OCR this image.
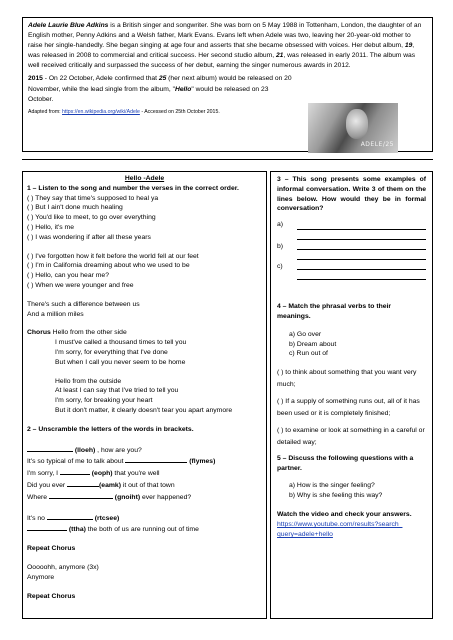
Adele Laurie Blue Adkins is a British singer and songwriter. She was born on 5 May 1988 in Tottenham, London, the daughter of an English mother, Penny Adkins and a Welsh father, Mark Evans. Evans left when Adele was two, leaving her 20-year-old mother to raise her single-handedly. She began singing at age four and asserts that she became obsessed with voices. Her debut album, 19, was released in 2008 to commercial and critical success. Her second studio album, 21, was released in early 2011. The album was well received critically and surpassed the success of her debut, earning the singer numerous awards in 2012.

2015 - On 22 October, Adele confirmed that 25 (her next album) would be released on 20 November, while the lead single from the album, "Hello" would be released on 23 October.

Adapted from: https://en.wikipedia.org/wiki/Adele - Accessed on 25th October 2015.

ADELE/25
Hello -Adele
1 – Listen to the song and number the verses in the correct order.
( ) They say that time's supposed to heal ya
( ) But I ain't done much healing
( ) You'd like to meet, to go over everything
( ) Hello, it's me
( ) I was wondering if after all these years
( ) I've forgotten how it felt before the world fell at our feet
( ) I'm in California dreaming about who we used to be
( ) Hello, can you hear me?
( ) When we were younger and free
There's such a difference between us
And a million miles
Chorus Hello from the other side
I must've called a thousand times to tell you
I'm sorry, for everything that I've done
But when I call you never seem to be home
Hello from the outside
At least I can say that I've tried to tell you
I'm sorry, for breaking your heart
But it don't matter, it clearly doesn't tear you apart anymore
2 – Unscramble the letters of the words in brackets.
(lloeh) , how are you?
It's so typical of me to talk about	(flymes)
I'm sorry, I	(eoph) that you're well
Did you ever	(eamk) it out of that town
Where	(gnoiht) ever happened?
It's no	(rtcsee)
(ttha) the both of us are running out of time
Repeat Chorus
Ooooohh, anymore (3x)
Anymore
Repeat Chorus
3 – This song presents some examples of informal conversation. Write 3 of them on the lines below. How would they be in formal conversation?
a)
b)
c)
4 – Match the phrasal verbs to their meanings.
a) Go over
b) Dream about
c) Run out of
( ) to think about something that you want very much;
( ) If a supply of something runs out, all of it has been used or it is completely finished;
( ) to examine or look at something in a careful or detailed way;
5 – Discuss the following questions with a partner.
a) How is the singer feeling?
b) Why is she feeling this way?
Watch the video and check your answers.
https://www.youtube.com/results?search_
query=adele+hello
